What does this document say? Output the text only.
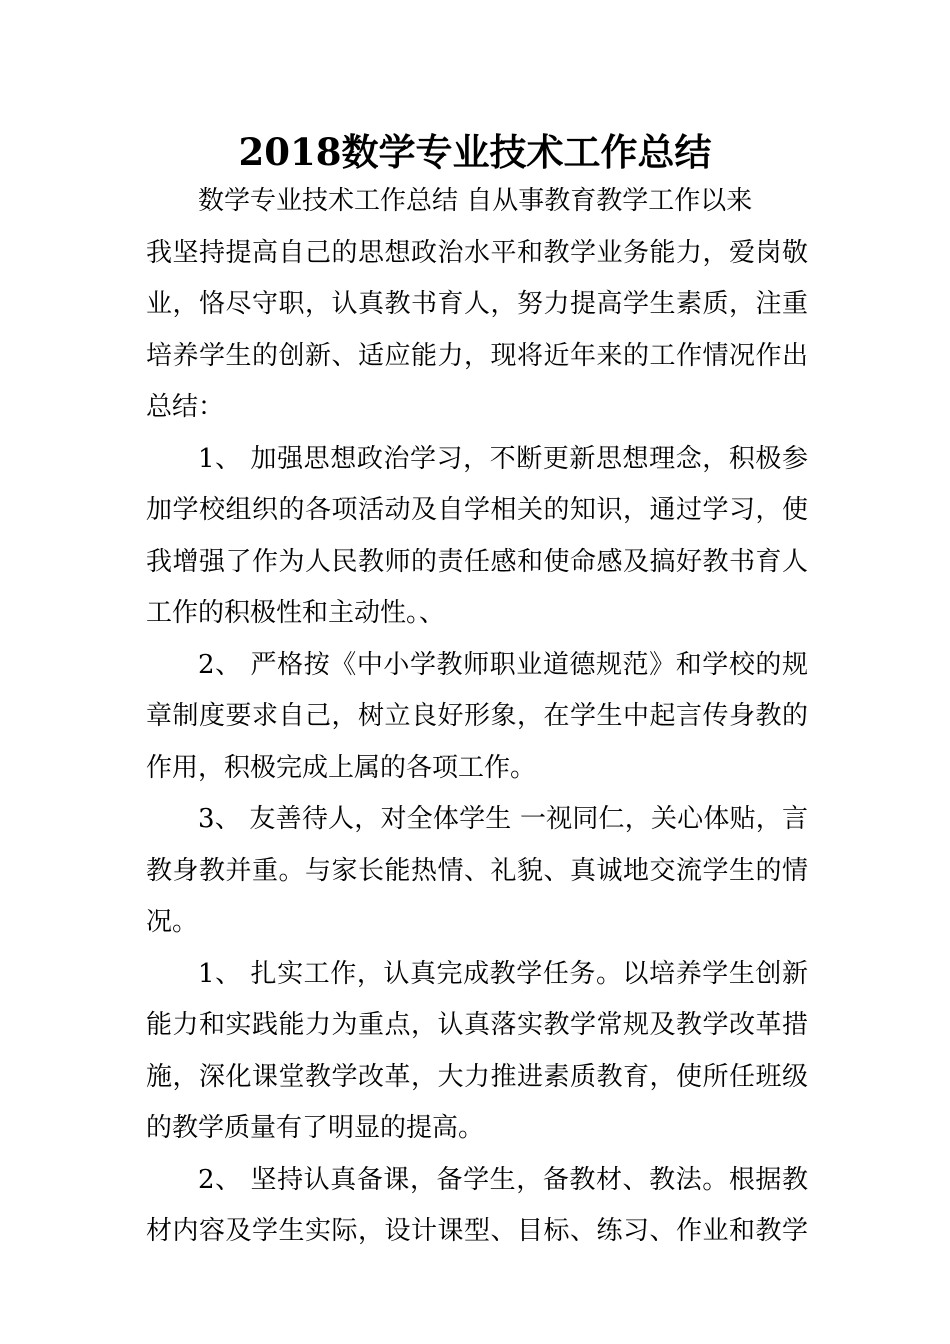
2018数学专业技术工作总结
数学专业技术工作总结 自从事教育教学工作以来
我坚持提高自己的思想政治水平和教学业务能力，爱岗敬
业，恪尽守职，认真教书育人，努力提高学生素质，注重
培养学生的创新、适应能力，现将近年来的工作情况作出
总结：
1、 加强思想政治学习，不断更新思想理念，积极参
加学校组织的各项活动及自学相关的知识，通过学习，使
我增强了作为人民教师的责任感和使命感及搞好教书育人
工作的积极性和主动性。、
2、 严格按《中小学教师职业道德规范》和学校的规
章制度要求自己，树立良好形象，在学生中起言传身教的
作用，积极完成上属的各项工作。
3、 友善待人，对全体学生 一视同仁，关心体贴，言
教身教并重。与家长能热情、礼貌、真诚地交流学生的情
况。
1、 扎实工作，认真完成教学任务。以培养学生创新
能力和实践能力为重点，认真落实教学常规及教学改革措
施，深化课堂教学改革，大力推进素质教育，使所任班级
的教学质量有了明显的提高。
2、 坚持认真备课，备学生，备教材、教法。根据教
材内容及学生实际，设计课型、目标、练习、作业和教学
